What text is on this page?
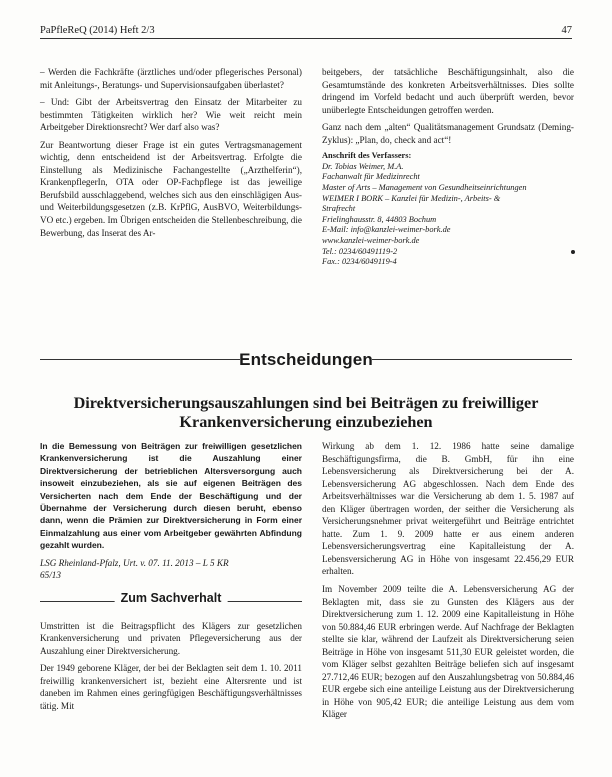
PaPfleReQ (2014) Heft 2/3	47

– Werden die Fachkräfte (ärztliches und/oder pflegerisches Personal) mit Anleitungs-, Beratungs- und Supervisionsaufgaben überlastet?

– Und: Gibt der Arbeitsvertrag den Einsatz der Mitarbeiter zu bestimmten Tätigkeiten wirklich her? Wie weit reicht mein Arbeitgeber Direktionsrecht? Wer darf also was?

Zur Beantwortung dieser Frage ist ein gutes Vertragsmanagement wichtig, denn entscheidend ist der Arbeitsvertrag. Erfolgte die Einstellung als Medizinische Fachangestellte („Arzthelferin“), KrankenpflegerIn, OTA oder OP-Fachpflege ist das jeweilige Berufsbild ausschlaggebend, welches sich aus den einschlägigen Aus- und Weiterbildungsgesetzen (z.B. KrPflG, AusBVO, Weiterbildungs-VO etc.) ergeben. Im Übrigen entscheiden die Stellenbeschreibung, die Bewerbung, das Inserat des Ar-

beitgebers, der tatsächliche Beschäftigungsinhalt, also die Gesamtumstände des konkreten Arbeitsverhältnisses. Dies sollte dringend im Vorfeld bedacht und auch überprüft werden, bevor unüberlegte Entscheidungen getroffen werden.

Ganz nach dem „alten“ Qualitätsmanagement Grundsatz (Deming-Zyklus): „Plan, do, check and act“!

Anschrift des Verfassers:
Dr. Tobias Weimer, M.A.
Fachanwalt für Medizinrecht
Master of Arts – Management von Gesundheitseinrichtungen
WEIMER I BORK – Kanzlei für Medizin-, Arbeits- &
Strafrecht
Frielinghausstr. 8, 44803 Bochum
E-Mail: info@kanzlei-weimer-bork.de
www.kanzlei-weimer-bork.de
Tel.: 0234/60491119-2
Fax.: 0234/6049119-4
Entscheidungen
Direktversicherungsauszahlungen sind bei Beiträgen zu freiwilliger
Krankenversicherung einzubeziehen

In die Bemessung von Beiträgen zur freiwilligen gesetzlichen Krankenversicherung ist die Auszahlung einer Direktversicherung der betrieblichen Altersversorgung auch insoweit einzubeziehen, als sie auf eigenen Beiträgen des Versicherten nach dem Ende der Beschäftigung und der Übernahme der Versicherung durch diesen beruht, ebenso dann, wenn die Prämien zur Direktversicherung in Form einer Einmalzahlung aus einer vom Arbeitgeber gewährten Abfindung gezahlt wurden.

LSG Rheinland-Pfalz, Urt. v. 07. 11. 2013 – L 5 KR
65/13
Zum Sachverhalt

Umstritten ist die Beitragspflicht des Klägers zur gesetzlichen Krankenversicherung und privaten Pflegeversicherung aus der Auszahlung einer Direktversicherung.

Der 1949 geborene Kläger, der bei der Beklagten seit dem 1. 10. 2011 freiwillig krankenversichert ist, bezieht eine Altersrente und ist daneben im Rahmen eines geringfügigen Beschäftigungsverhältnisses tätig. Mit

Wirkung ab dem 1. 12. 1986 hatte seine damalige Beschäftigungsfirma, die B. GmbH, für ihn eine Lebensversicherung als Direktversicherung bei der A. Lebensversicherung AG abgeschlossen. Nach dem Ende des Arbeitsverhältnisses war die Versicherung ab dem 1. 5. 1987 auf den Kläger übertragen worden, der seither die Versicherung als Versicherungsnehmer privat weitergeführt und Beiträge entrichtet hatte. Zum 1. 9. 2009 hatte er aus einem anderen Lebensversicherungsvertrag eine Kapitalleistung der A. Lebensversicherung AG in Höhe von insgesamt 22.456,29 EUR erhalten.

Im November 2009 teilte die A. Lebensversicherung AG der Beklagten mit, dass sie zu Gunsten des Klägers aus der Direktversicherung zum 1. 12. 2009 eine Kapitalleistung in Höhe von 50.884,46 EUR erbringen werde. Auf Nachfrage der Beklagten stellte sie klar, während der Laufzeit als Direktversicherung seien Beiträge in Höhe von insgesamt 511,30 EUR geleistet worden, die vom Kläger selbst gezahlten Beiträge beliefen sich auf insgesamt 27.712,46 EUR; bezogen auf den Auszahlungsbetrag von 50.884,46 EUR ergebe sich eine anteilige Leistung aus der Direktversicherung in Höhe von 905,42 EUR; die anteilige Leistung aus dem vom Kläger
